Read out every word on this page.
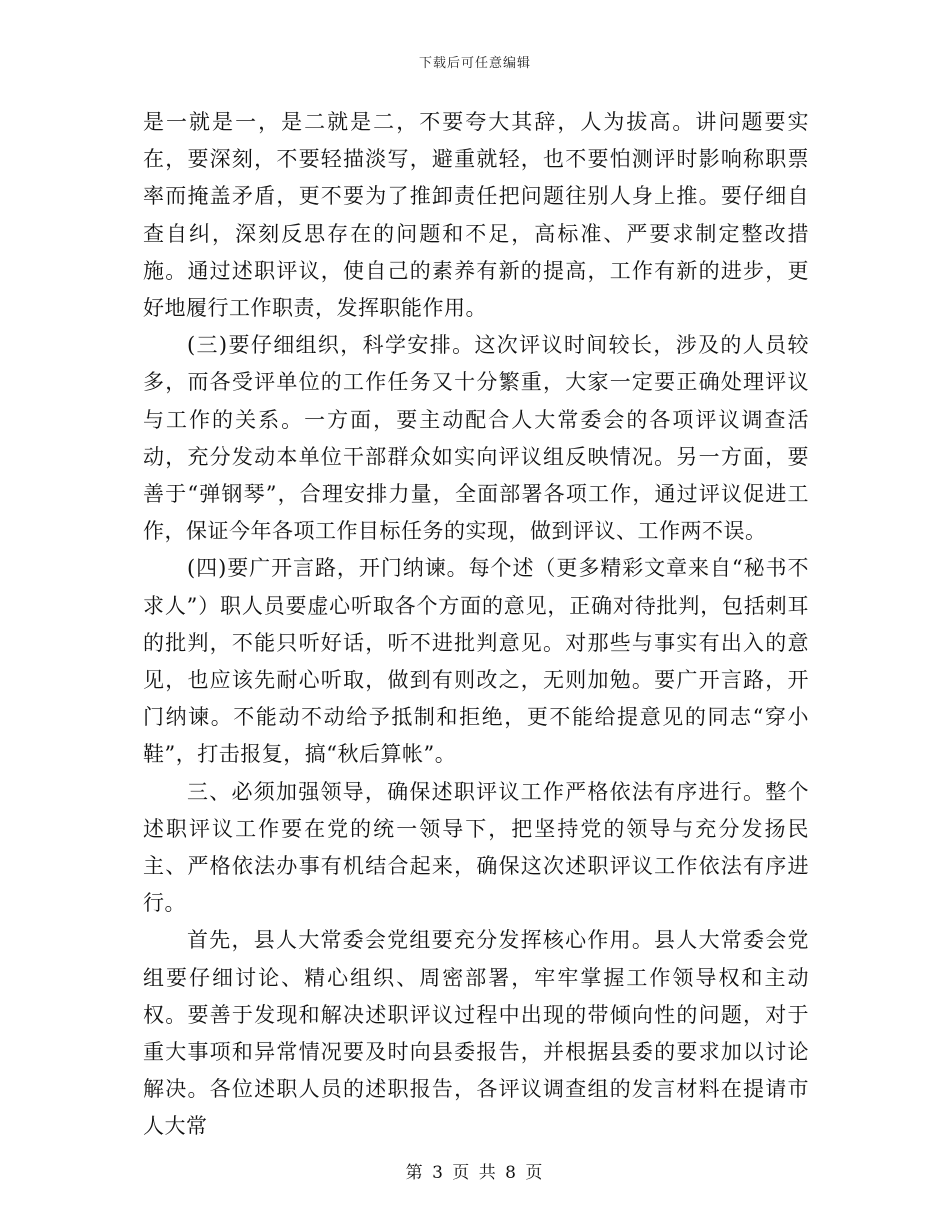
下载后可任意编辑

是一就是一，是二就是二，不要夸大其辞，人为拔高。讲问题要实在，要深刻，不要轻描淡写，避重就轻，也不要怕测评时影响称职票率而掩盖矛盾，更不要为了推卸责任把问题往别人身上推。要仔细自查自纠，深刻反思存在的问题和不足，高标准、严要求制定整改措施。通过述职评议，使自己的素养有新的提高，工作有新的进步，更好地履行工作职责，发挥职能作用。

(三)要仔细组织，科学安排。这次评议时间较长，涉及的人员较多，而各受评单位的工作任务又十分繁重，大家一定要正确处理评议与工作的关系。一方面，要主动配合人大常委会的各项评议调查活动，充分发动本单位干部群众如实向评议组反映情况。另一方面，要善于“弹钢琴”，合理安排力量，全面部署各项工作，通过评议促进工作，保证今年各项工作目标任务的实现，做到评议、工作两不误。

(四)要广开言路，开门纳谏。每个述（更多精彩文章来自“秘书不求人”）职人员要虚心听取各个方面的意见，正确对待批判，包括刺耳的批判，不能只听好话，听不进批判意见。对那些与事实有出入的意见，也应该先耐心听取，做到有则改之，无则加勉。要广开言路，开门纳谏。不能动不动给予抵制和拒绝，更不能给提意见的同志“穿小鞋”，打击报复，搞“秋后算帐”。

三、必须加强领导，确保述职评议工作严格依法有序进行。整个述职评议工作要在党的统一领导下，把坚持党的领导与充分发扬民主、严格依法办事有机结合起来，确保这次述职评议工作依法有序进行。

首先，县人大常委会党组要充分发挥核心作用。县人大常委会党组要仔细讨论、精心组织、周密部署，牢牢掌握工作领导权和主动权。要善于发现和解决述职评议过程中出现的带倾向性的问题，对于重大事项和异常情况要及时向县委报告，并根据县委的要求加以讨论解决。各位述职人员的述职报告，各评议调查组的发言材料在提请市人大常

第 3 页 共 8 页
